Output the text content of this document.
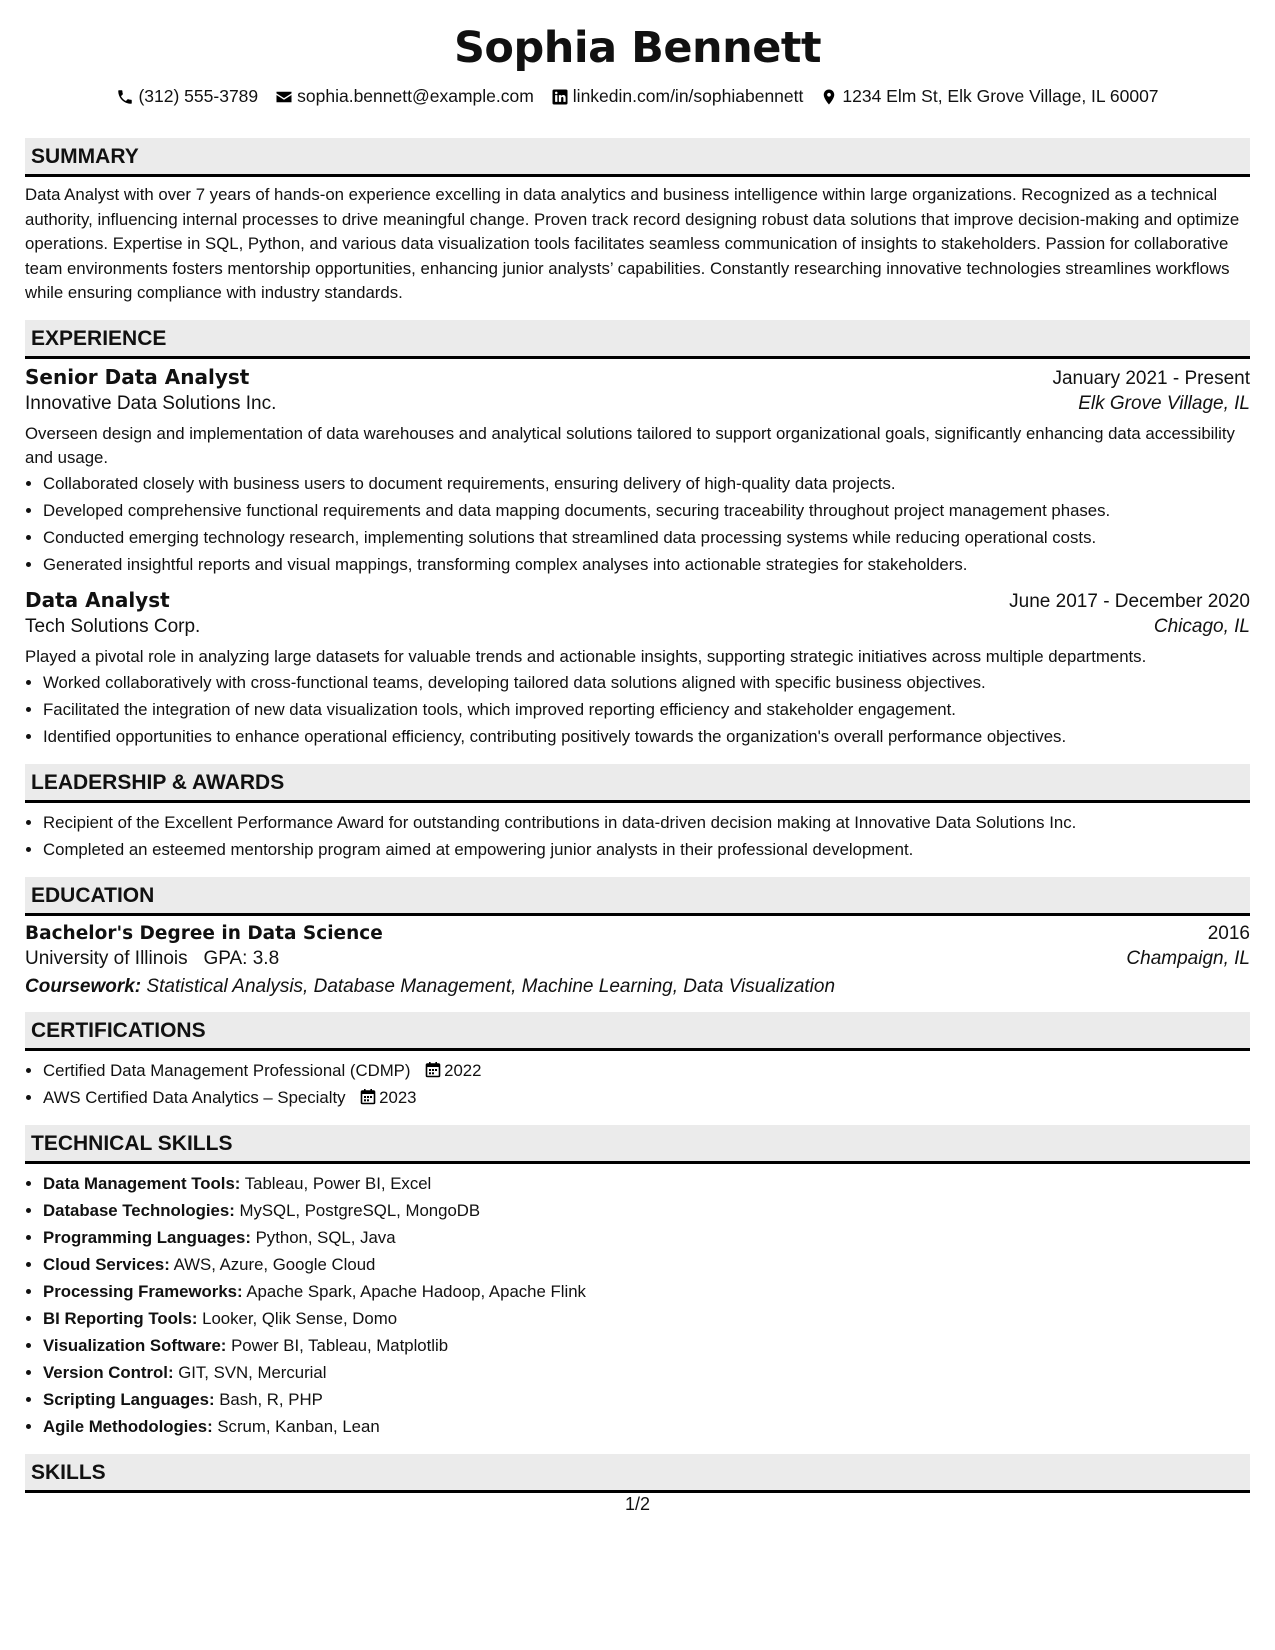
Sophia Bennett
(312) 555-3789 sophia.bennett@example.com linkedin.com/in/sophiabennett 1234 Elm St, Elk Grove Village, IL 60007
SUMMARY
Data Analyst with over 7 years of hands-on experience excelling in data analytics and business intelligence within large organizations. Recognized as a technical authority, influencing internal processes to drive meaningful change. Proven track record designing robust data solutions that improve decision-making and optimize operations. Expertise in SQL, Python, and various data visualization tools facilitates seamless communication of insights to stakeholders. Passion for collaborative team environments fosters mentorship opportunities, enhancing junior analysts’ capabilities. Constantly researching innovative technologies streamlines workflows while ensuring compliance with industry standards.
EXPERIENCE
Senior Data Analyst	January 2021 - Present
Innovative Data Solutions Inc.	Elk Grove Village, IL
Overseen design and implementation of data warehouses and analytical solutions tailored to support organizational goals, significantly enhancing data accessibility and usage.
• Collaborated closely with business users to document requirements, ensuring delivery of high-quality data projects.
• Developed comprehensive functional requirements and data mapping documents, securing traceability throughout project management phases.
• Conducted emerging technology research, implementing solutions that streamlined data processing systems while reducing operational costs.
• Generated insightful reports and visual mappings, transforming complex analyses into actionable strategies for stakeholders.
Data Analyst	June 2017 - December 2020
Tech Solutions Corp.	Chicago, IL
Played a pivotal role in analyzing large datasets for valuable trends and actionable insights, supporting strategic initiatives across multiple departments.
• Worked collaboratively with cross-functional teams, developing tailored data solutions aligned with specific business objectives.
• Facilitated the integration of new data visualization tools, which improved reporting efficiency and stakeholder engagement.
• Identified opportunities to enhance operational efficiency, contributing positively towards the organization's overall performance objectives.
LEADERSHIP & AWARDS
• Recipient of the Excellent Performance Award for outstanding contributions in data-driven decision making at Innovative Data Solutions Inc.
• Completed an esteemed mentorship program aimed at empowering junior analysts in their professional development.
EDUCATION
Bachelor's Degree in Data Science	2016
University of Illinois GPA: 3.8	Champaign, IL
Coursework: Statistical Analysis, Database Management, Machine Learning, Data Visualization
CERTIFICATIONS
• Certified Data Management Professional (CDMP) 2022
• AWS Certified Data Analytics – Specialty 2023
TECHNICAL SKILLS
• Data Management Tools: Tableau, Power BI, Excel
• Database Technologies: MySQL, PostgreSQL, MongoDB
• Programming Languages: Python, SQL, Java
• Cloud Services: AWS, Azure, Google Cloud
• Processing Frameworks: Apache Spark, Apache Hadoop, Apache Flink
• BI Reporting Tools: Looker, Qlik Sense, Domo
• Visualization Software: Power BI, Tableau, Matplotlib
• Version Control: GIT, SVN, Mercurial
• Scripting Languages: Bash, R, PHP
• Agile Methodologies: Scrum, Kanban, Lean
SKILLS
1/2
